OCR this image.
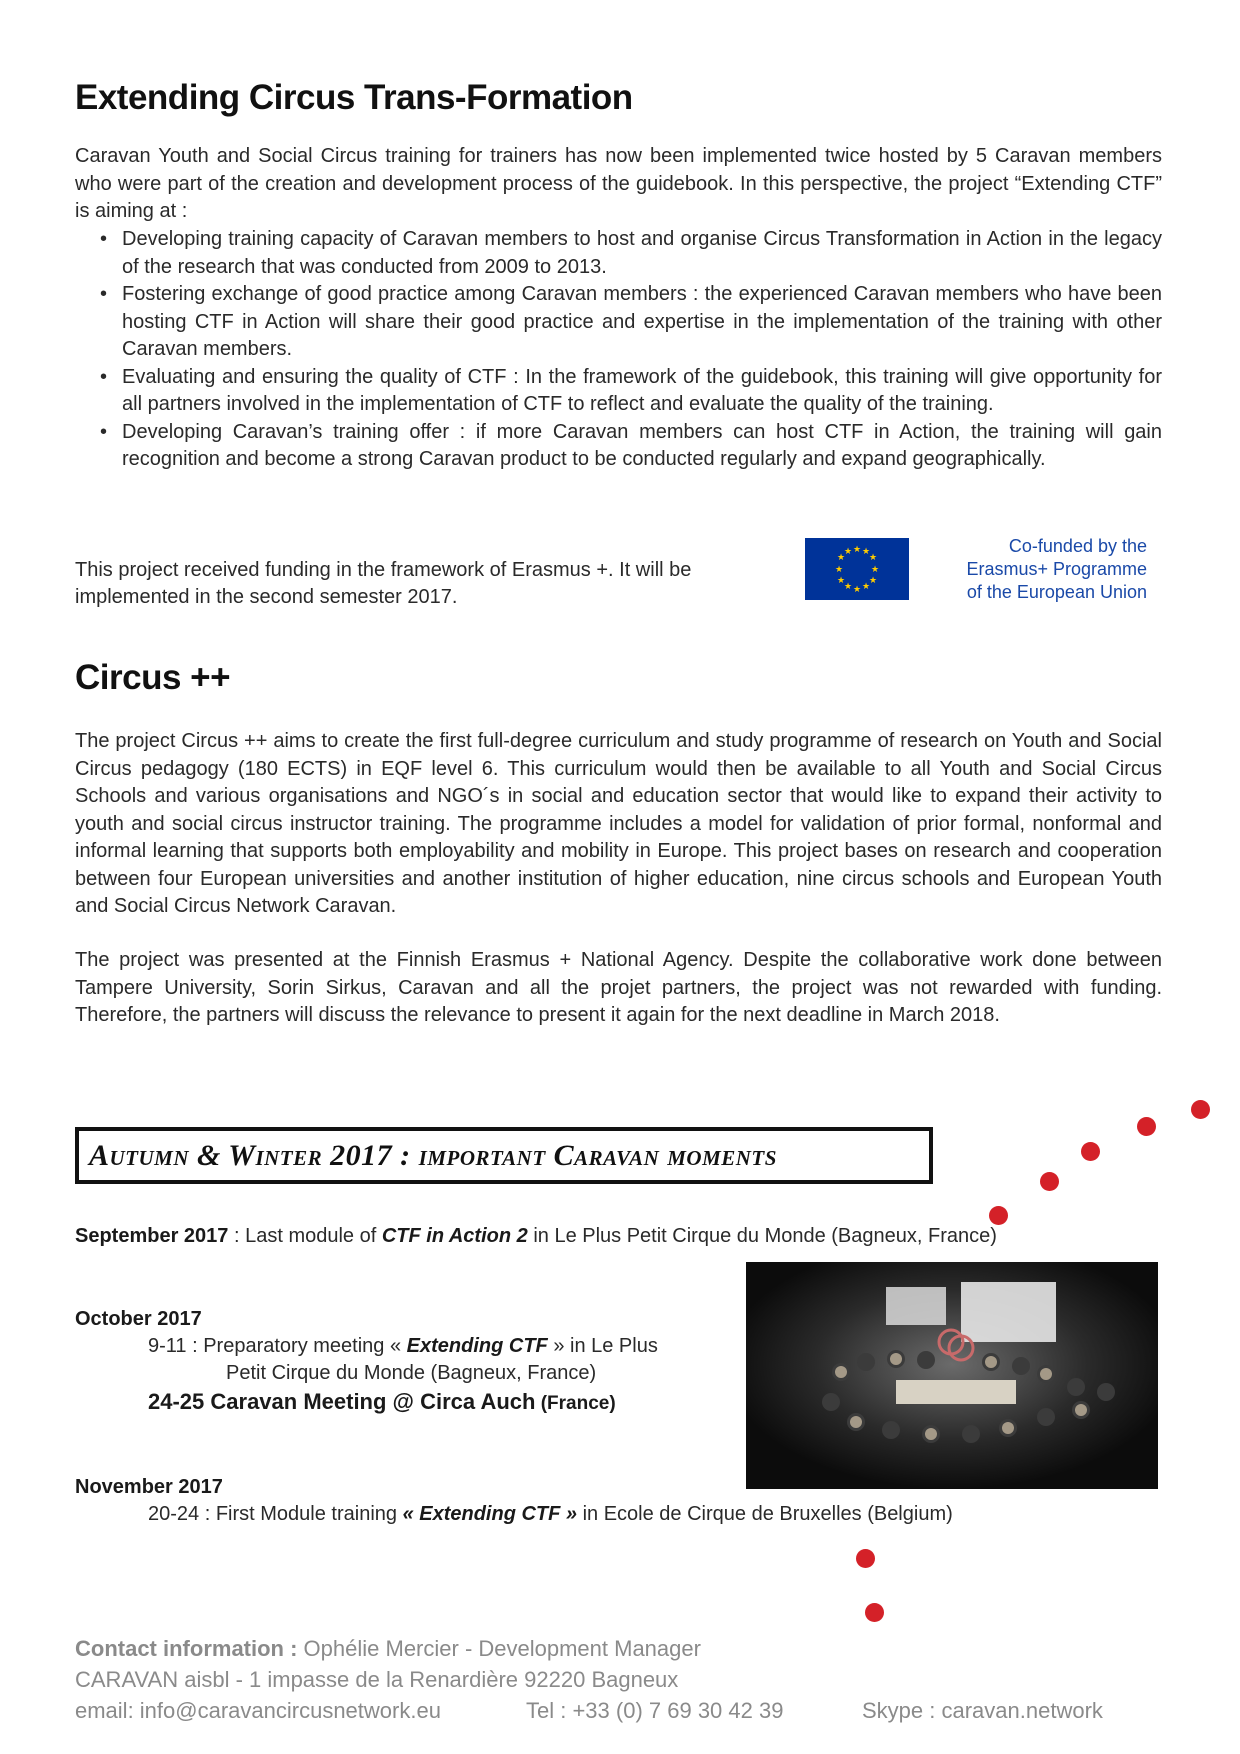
Extending Circus Trans-Formation

Caravan Youth and Social Circus training for trainers has now been implemented twice hosted by 5 Caravan members who were part of the creation and development process of the guidebook. In this perspective, the project “Extending CTF” is aiming at :

• Developing training capacity of Caravan members to host and organise Circus Transformation in Action in the legacy of the research that was conducted from 2009 to 2013.
• Fostering exchange of good practice among Caravan members : the experienced Caravan members who have been hosting CTF in Action will share their good practice and expertise in the implementation of the training with other Caravan members.
• Evaluating and ensuring the quality of CTF : In the framework of the guidebook, this training will give opportunity for all partners involved in the implementation of CTF to reflect and evaluate the quality of the training.
• Developing Caravan’s training offer : if more Caravan members can host CTF in Action, the training will gain recognition and become a strong Caravan product to be conducted regularly and expand geographically.

This project received funding in the framework of Erasmus +. It will be

implemented in the second semester 2017.

★ ★
★
★
★
★
★
★
★
★
★
★	Co-funded by the
Erasmus+ Programme
of the European Union
Circus ++

The project Circus ++ aims to create the first full-degree curriculum and study programme of research on Youth and Social Circus pedagogy (180 ECTS) in EQF level 6. This curriculum would then be available to all Youth and Social Circus Schools and various organisations and NGO´s in social and education sector that would like to expand their activity to youth and social circus instructor training. The programme includes a model for validation of prior formal, nonformal and informal learning that supports both employability and mobility in Europe. This project bases on research and cooperation between four European universities and another institution of higher education, nine circus schools and European Youth and Social Circus Network Caravan.

The project was presented at the Finnish Erasmus + National Agency. Despite the collaborative work done between Tampere University, Sorin Sirkus, Caravan and all the projet partners, the project was not rewarded with funding. Therefore, the partners will discuss the relevance to present it again for the next deadline in March 2018.

Autumn & Winter 2017 : important Caravan moments

September 2017 : Last module of CTF in Action 2 in Le Plus Petit Cirque du Monde (Bagneux, France)

October 2017

9-11 : Preparatory meeting « Extending CTF » in Le Plus

Petit Cirque du Monde (Bagneux, France)

24-25 Caravan Meeting @ Circa Auch (France)

November 2017

20-24 : First Module training « Extending CTF » in Ecole de Cirque de Bruxelles (Belgium)

Contact information : Ophélie Mercier - Development Manager

CARAVAN aisbl - 1 impasse de la Renardière 92220 Bagneux

email: info@caravancircusnetwork.eu	Tel : +33 (0) 7 69 30 42 39	Skype : caravan.network
